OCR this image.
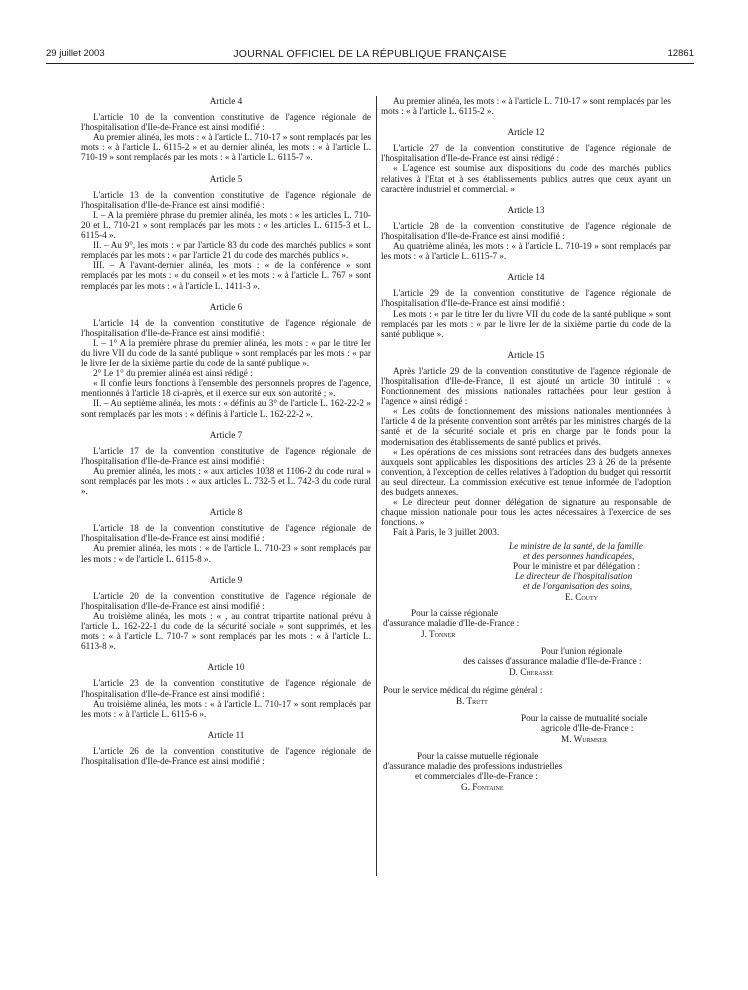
29 juillet 2003	JOURNAL OFFICIEL DE LA RÉPUBLIQUE FRANÇAISE	12861
Article 4

L'article 10 de la convention constitutive de l'agence régionale de l'hospitalisation d'Ile-de-France est ainsi modifié :

Au premier alinéa, les mots : « à l'article L. 710-17 » sont remplacés par les mots : « à l'article L. 6115-2 » et au dernier alinéa, les mots : « à l'article L. 710-19 » sont remplacés par les mots : « à l'article L. 6115-7 ».

Article 5

L'article 13 de la convention constitutive de l'agence régionale de l'hospitalisation d'Ile-de-France est ainsi modifié :

I. – A la première phrase du premier alinéa, les mots : « les articles L. 710-20 et L. 710-21 » sont remplacés par les mots : « les articles L. 6115-3 et L. 6115-4 ».

II. – Au 9°, les mots : « par l'article 83 du code des marchés publics » sont remplacés par les mots : « par l'article 21 du code des marchés publics ».

III. – A l'avant-dernier alinéa, les mots : « de la conférence » sont remplacés par les mots : « du conseil » et les mots : « à l'article L. 767 » sont remplacés par les mots : « à l'article L. 1411-3 ».

Article 6

L'article 14 de la convention constitutive de l'agence régionale de l'hospitalisation d'Ile-de-France est ainsi modifié :

I. – 1° A la première phrase du premier alinéa, les mots : « par le titre Ier du livre VII du code de la santé publique » sont remplacés par les mots : « par le livre Ier de la sixième partie du code de la santé publique ».

2° Le 1° du premier alinéa est ainsi rédigé :

« Il confie leurs fonctions à l'ensemble des personnels propres de l'agence, mentionnés à l'article 18 ci-après, et il exerce sur eux son autorité ; ».

II. – Au septième alinéa, les mots : « définis au 3° de l'article L. 162-22-2 » sont remplacés par les mots : « définis à l'article L. 162-22-2 ».

Article 7

L'article 17 de la convention constitutive de l'agence régionale de l'hospitalisation d'Ile-de-France est ainsi modifié :

Au premier alinéa, les mots : « aux articles 1038 et 1106-2 du code rural » sont remplacés par les mots : « aux articles L. 732-5 et L. 742-3 du code rural ».

Article 8

L'article 18 de la convention constitutive de l'agence régionale de l'hospitalisation d'Ile-de-France est ainsi modifié :

Au premier alinéa, les mots : « de l'article L. 710-23 » sont remplacés par les mots : « de l'article L. 6115-8 ».

Article 9

L'article 20 de la convention constitutive de l'agence régionale de l'hospitalisation d'Ile-de-France est ainsi modifié :

Au troisième alinéa, les mots : « , au contrat tripartite national prévu à l'article L. 162-22-1 du code de la sécurité sociale » sont supprimés, et les mots : « à l'article L. 710-7 » sont remplacés par les mots : « à l'article L. 6113-8 ».

Article 10

L'article 23 de la convention constitutive de l'agence régionale de l'hospitalisation d'Ile-de-France est ainsi modifié :

Au troisième alinéa, les mots : « à l'article L. 710-17 » sont remplacés par les mots : « à l'article L. 6115-6 ».

Article 11

L'article 26 de la convention constitutive de l'agence régionale de l'hospitalisation d'Ile-de-France est ainsi modifié :

Au premier alinéa, les mots : « à l'article L. 710-17 » sont remplacés par les mots : « à l'article L. 6115-2 ».

Article 12

L'article 27 de la convention constitutive de l'agence régionale de l'hospitalisation d'Ile-de-France est ainsi rédigé :

« L'agence est soumise aux dispositions du code des marchés publics relatives à l'Etat et à ses établissements publics autres que ceux ayant un caractère industriel et commercial. »

Article 13

L'article 28 de la convention constitutive de l'agence régionale de l'hospitalisation d'Ile-de-France est ainsi modifié :

Au quatrième alinéa, les mots : « à l'article L. 710-19 » sont remplacés par les mots : « à l'article L. 6115-7 ».

Article 14

L'article 29 de la convention constitutive de l'agence régionale de l'hospitalisation d'Ile-de-France est ainsi modifié :

Les mots : « par le titre Ier du livre VII du code de la santé publique » sont remplacés par les mots : « par le livre Ier de la sixième partie du code de la santé publique ».

Article 15

Après l'article 29 de la convention constitutive de l'agence régionale de l'hospitalisation d'Ile-de-France, il est ajouté un article 30 intitulé : « Fonctionnement des missions nationales rattachées pour leur gestion à l'agence » ainsi rédigé :

« Les coûts de fonctionnement des missions nationales mentionnées à l'article 4 de la présente convention sont arrêtés par les ministres chargés de la santé et de la sécurité sociale et pris en charge par le fonds pour la modernisation des établissements de santé publics et privés.

« Les opérations de ces missions sont retracées dans des budgets annexes auxquels sont applicables les dispositions des articles 23 à 26 de la présente convention, à l'exception de celles relatives à l'adoption du budget qui ressortit au seul directeur. La commission exécutive est tenue informée de l'adoption des budgets annexes.

« Le directeur peut donner délégation de signature au responsable de chaque mission nationale pour tous les actes nécessaires à l'exercice de ses fonctions. »

Fait à Paris, le 3 juillet 2003.

Le ministre de la santé, de la famille
et des personnes handicapées,
Pour le ministre et par délégation :
Le directeur de l'hospitalisation
et de l'organisation des soins,
E. Couty
Pour la caisse régionale
d'assurance maladie d'Ile-de-France :
J. Tonner
Pour l'union régionale
des caisses d'assurance maladie d'Ile-de-France :
D. Cherasse
Pour le service médical du régime général :
B. Trutt
Pour la caisse de mutualité sociale
agricole d'Ile-de-France :
M. Wurmser
Pour la caisse mutuelle régionale
d'assurance maladie des professions industrielles
et commerciales d'Ile-de-France :
G. Fontaine
